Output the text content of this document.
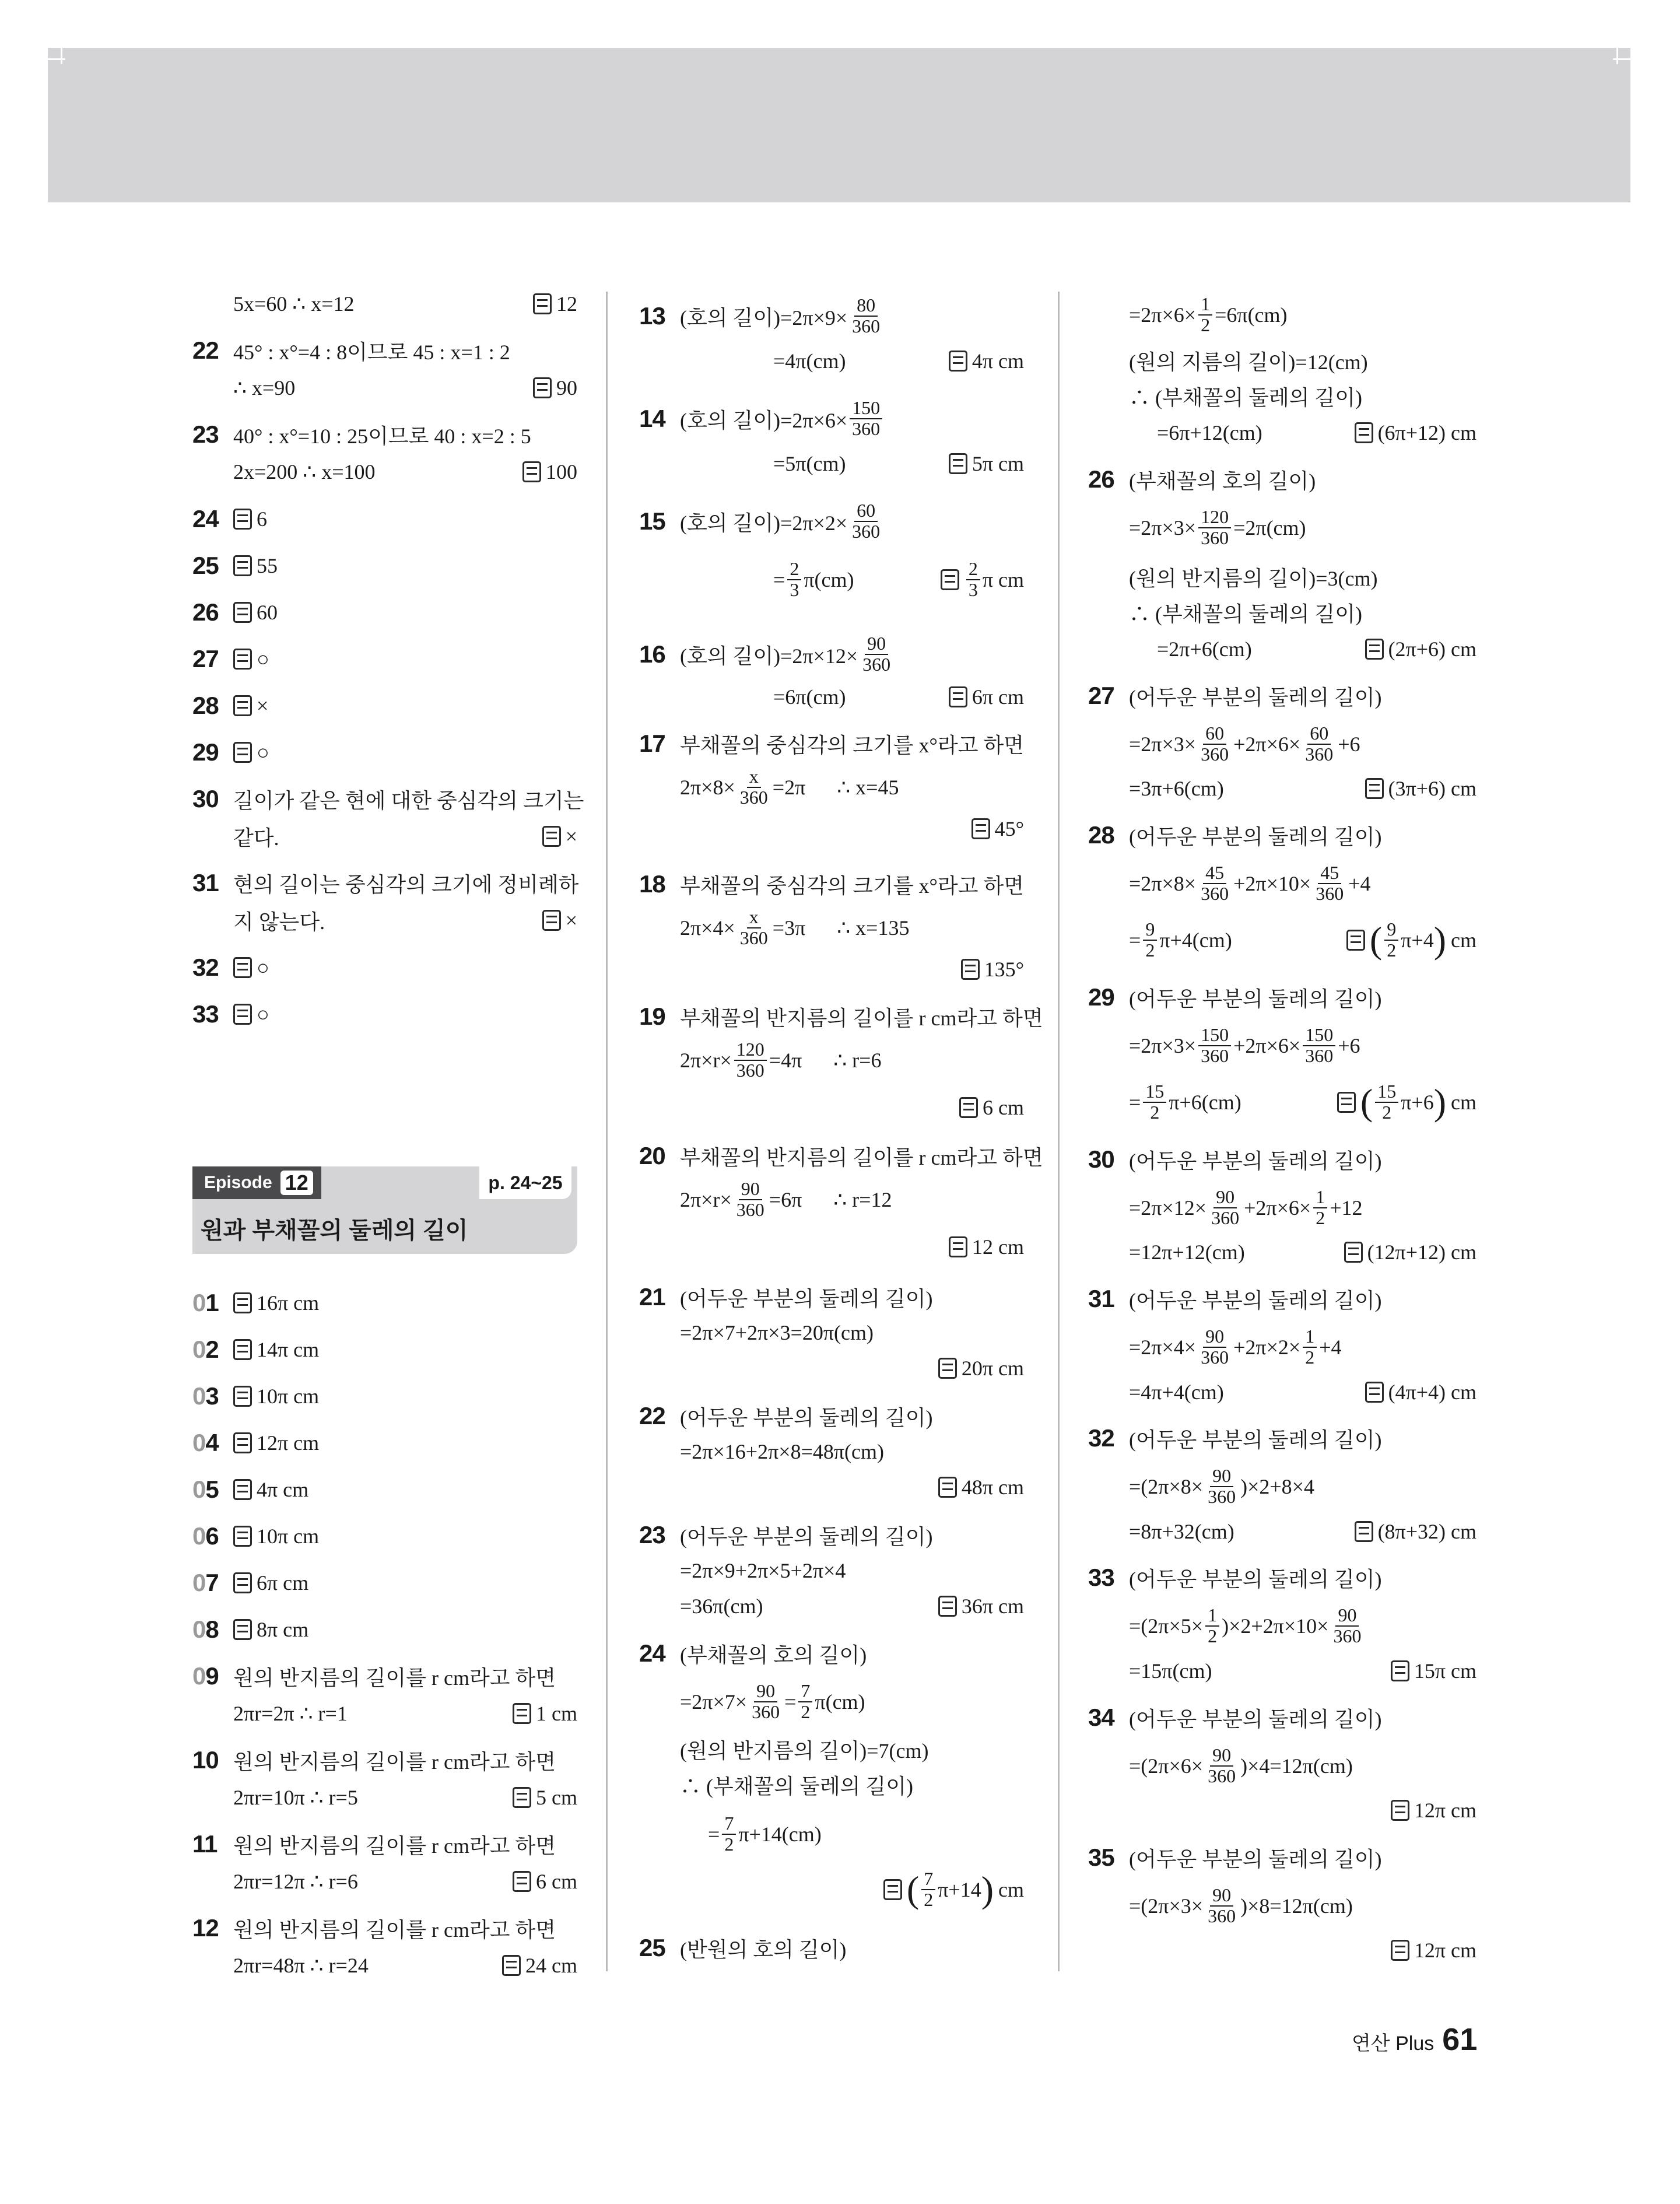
5x=60 ∴ x=12	12
22 45° : x°=4 : 8이므로 45 : x=1 : 2
∴ x=90	90
23 40° : x°=10 : 25이므로 40 : x=2 : 5
2x=200 ∴ x=100	100
24	6
25	55
26	60
27	○
28	×
29	○
30 길이가 같은 현에 대한 중심각의 크기는
같다.	×
31 현의 길이는 중심각의 크기에 정비례하
지 않는다.	×
32	○
33	○
Episode 12	p. 24~25
원과 부채꼴의 둘레의 길이
01	16π cm
02	14π cm
03	10π cm
04	12π cm
05	4π cm
06	10π cm
07	6π cm
08	8π cm
09 원의 반지름의 길이를 r cm라고 하면
2πr=2π ∴ r=1	1 cm
10 원의 반지름의 길이를 r cm라고 하면
2πr=10π ∴ r=5	5 cm
11 원의 반지름의 길이를 r cm라고 하면
2πr=12π ∴ r=6	6 cm
12 원의 반지름의 길이를 r cm라고 하면
2πr=48π ∴ r=24	24 cm
13 (호의 길이)$=2\pi\times 9\times \frac{80}{360}$
=4π(cm)	4π cm
14 (호의 길이)$=2\pi\times 6\times \frac{150}{360}$
=5π(cm)	5π cm
15 (호의 길이)$=2\pi\times 2\times \frac{60}{360}$
= $\frac{2}{3} \pi(cm)$	$\frac{2}{3}$ π cm
16 (호의 길이)$=2\pi\times 12\times \frac{90}{360}$
=6π(cm)	6π cm
17 부채꼴의 중심각의 크기를 x°라고 하면
$2\pi\times 8\times \frac{x}{360} =2\pi$      ∴ x=45
45°
18 부채꼴의 중심각의 크기를 x°라고 하면
$2\pi\times 4\times \frac{x}{360} =3\pi$      ∴ x=135
135°
19 부채꼴의 반지름의 길이를 r cm라고 하면
$2\pi\times r\times \frac{120}{360} =4\pi$      ∴ r=6
6 cm
20 부채꼴의 반지름의 길이를 r cm라고 하면
$2\pi\times r\times \frac{90}{360} =6\pi$      ∴ r=12
12 cm
21 (어두운 부분의 둘레의 길이)
=2π×7+2π×3=20π(cm)
20π cm
22 (어두운 부분의 둘레의 길이)
=2π×16+2π×8=48π(cm)
48π cm
23 (어두운 부분의 둘레의 길이)
=2π×9+2π×5+2π×4
=36π(cm)	36π cm
24 (부채꼴의 호의 길이)
$=2\pi\times 7\times \frac{90}{360} = \frac{7}{2} \pi(cm)$
(원의 반지름의 길이)=7(cm)
∴ (부채꼴의 둘레의 길이)
= $\frac{7}{2} \pi+14(cm)$
( $\frac{7}{2} \pi+14$ ) cm
25 (반원의 호의 길이)
$=2\pi\times 6\times \frac{1}{2} =6\pi(cm)$
(원의 지름의 길이)=12(cm)
∴ (부채꼴의 둘레의 길이)
=6π+12(cm)	(6π+12) cm
26 (부채꼴의 호의 길이)
$=2\pi\times 3\times \frac{120}{360} =2\pi(cm)$
(원의 반지름의 길이)=3(cm)
∴ (부채꼴의 둘레의 길이)
=2π+6(cm)	(2π+6) cm
27 (어두운 부분의 둘레의 길이)
$=2\pi\times 3\times \frac{60}{360} +2\pi\times 6\times \frac{60}{360} +6$
=3π+6(cm)	(3π+6) cm
28 (어두운 부분의 둘레의 길이)
$=2\pi\times 8\times \frac{45}{360} +2\pi\times 10\times \frac{45}{360} +4$
= $\frac{9}{2} \pi+4(cm)$	( $\frac{9}{2} \pi+4$ ) cm
29 (어두운 부분의 둘레의 길이)
$=2\pi\times 3\times \frac{150}{360} +2\pi\times 6\times \frac{150}{360} +6$
= $\frac{15}{2} \pi+6(cm)$	( $\frac{15}{2} \pi+6$ ) cm
30 (어두운 부분의 둘레의 길이)
$=2\pi\times 12\times \frac{90}{360} +2\pi\times 6\times \frac{1}{2} +12$
=12π+12(cm)	(12π+12) cm
31 (어두운 부분의 둘레의 길이)
$=2\pi\times 4\times \frac{90}{360} +2\pi\times 2\times \frac{1}{2} +4$
=4π+4(cm)	(4π+4) cm
32 (어두운 부분의 둘레의 길이)
$=(2\pi\times 8\times \frac{90}{360} )\times 2+8\times 4$
=8π+32(cm)	(8π+32) cm
33 (어두운 부분의 둘레의 길이)
$=(2\pi\times 5\times \frac{1}{2} )\times 2+2\pi\times 10\times \frac{90}{360}$
=15π(cm)	15π cm
34 (어두운 부분의 둘레의 길이)
$=(2\pi\times 6\times \frac{90}{360} )\times 4=12\pi(cm)$
12π cm
35 (어두운 부분의 둘레의 길이)
$=(2\pi\times 3\times \frac{90}{360} )\times 8=12\pi(cm)$
12π cm
연산 Plus 61
